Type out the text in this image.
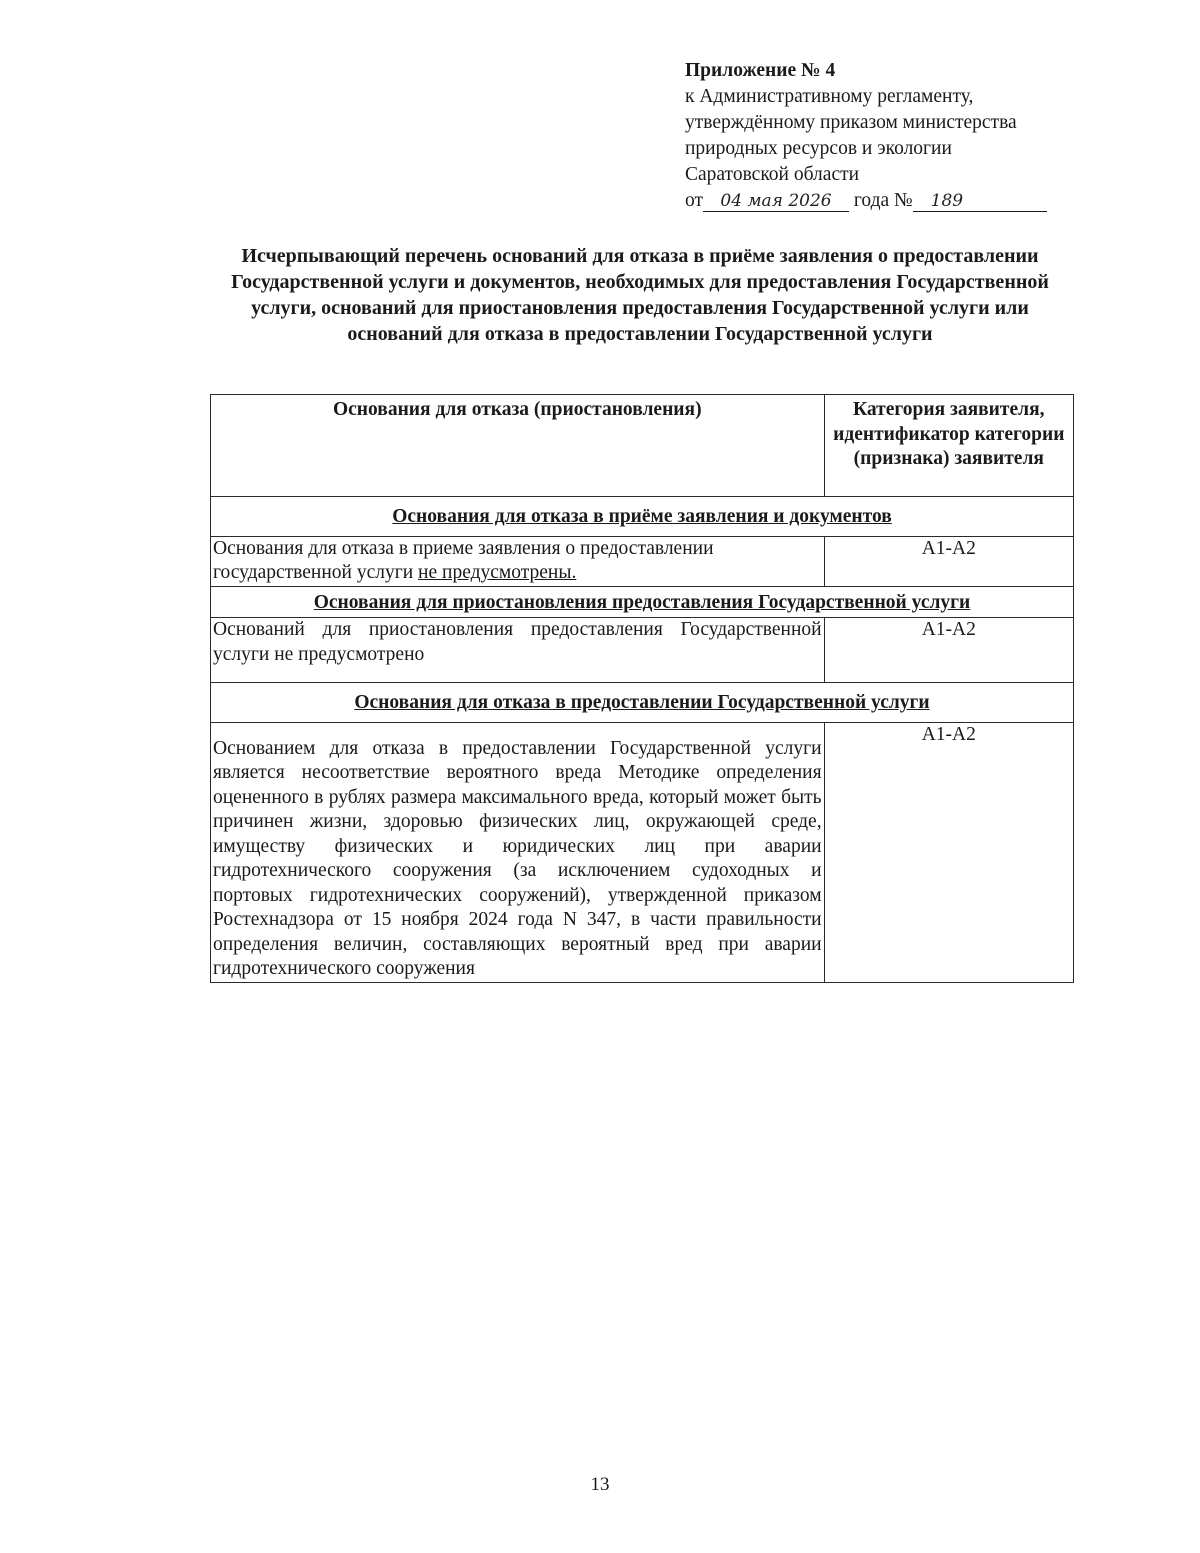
Приложение № 4
к Административному регламенту,
утверждённому приказом министерства
природных ресурсов и экологии
Саратовской области
от 04 мая 2026 года № 189
Исчерпывающий перечень оснований для отказа в приёме заявления о предоставлении Государственной услуги и документов, необходимых для предоставления Государственной услуги, оснований для приостановления предоставления Государственной услуги или оснований для отказа в предоставлении Государственной услуги
Основания для отказа (приостановления)	Категория заявителя, идентификатор категории (признака) заявителя
Основания для отказа в приёме заявления и документов	
Основания для отказа в приеме заявления о предоставлении государственной услуги не предусмотрены.	А1-А2
Основания для приостановления предоставления Государственной услуги	
Оснований для приостановления предоставления Государственной услуги не предусмотрено	А1-А2
Основания для отказа в предоставлении Государственной услуги	
Основанием для отказа в предоставлении Государственной услуги является несоответствие вероятного вреда Методике определения оцененного в рублях размера максимального вреда, который может быть причинен жизни, здоровью физических лиц, окружающей среде, имуществу физических и юридических лиц при аварии гидротехнического сооружения (за исключением судоходных и портовых гидротехнических сооружений), утвержденной приказом Ростехнадзора от 15 ноября 2024 года N 347, в части правильности определения величин, составляющих вероятный вред при аварии гидротехнического сооружения	А1-А2
13
